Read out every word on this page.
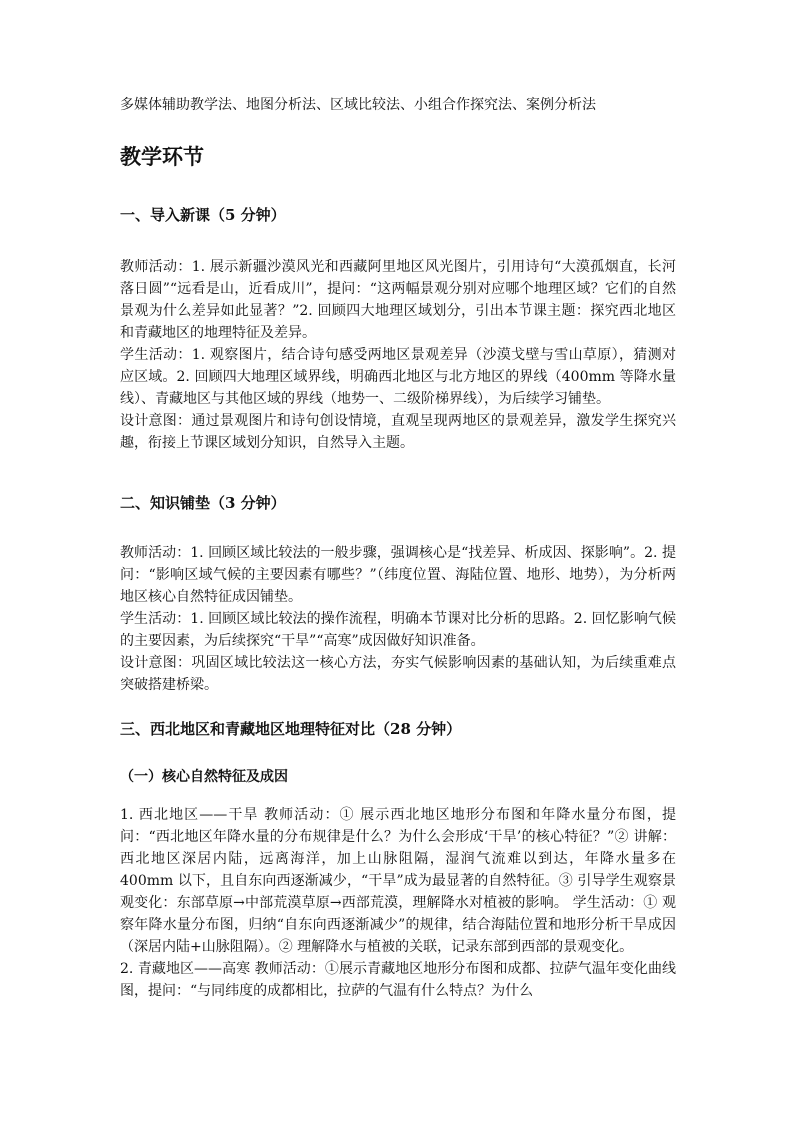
多媒体辅助教学法、地图分析法、区域比较法、小组合作探究法、案例分析法
教学环节
一、导入新课（5 分钟）

教师活动：1. 展示新疆沙漠风光和西藏阿里地区风光图片，引用诗句“大漠孤烟直，长河落日圆”“远看是山，近看成川”，提问：“这两幅景观分别对应哪个地理区域？它们的自然景观为什么差异如此显著？”2. 回顾四大地理区域划分，引出本节课主题：探究西北地区和青藏地区的地理特征及差异。

学生活动：1. 观察图片，结合诗句感受两地区景观差异（沙漠戈壁与雪山草原），猜测对应区域。2. 回顾四大地理区域界线，明确西北地区与北方地区的界线（400mm 等降水量线）、青藏地区与其他区域的界线（地势一、二级阶梯界线），为后续学习铺垫。

设计意图：通过景观图片和诗句创设情境，直观呈现两地区的景观差异，激发学生探究兴趣，衔接上节课区域划分知识，自然导入主题。

二、知识铺垫（3 分钟）

教师活动：1. 回顾区域比较法的一般步骤，强调核心是“找差异、析成因、探影响”。2. 提问：“影响区域气候的主要因素有哪些？”（纬度位置、海陆位置、地形、地势），为分析两地区核心自然特征成因铺垫。

学生活动：1. 回顾区域比较法的操作流程，明确本节课对比分析的思路。2. 回忆影响气候的主要因素，为后续探究“干旱”“高寒”成因做好知识准备。

设计意图：巩固区域比较法这一核心方法，夯实气候影响因素的基础认知，为后续重难点突破搭建桥梁。

三、西北地区和青藏地区地理特征对比（28 分钟）
（一）核心自然特征及成因

1. 西北地区——干旱 教师活动：① 展示西北地区地形分布图和年降水量分布图，提问：“西北地区年降水量的分布规律是什么？为什么会形成‘干旱’的核心特征？”② 讲解：西北地区深居内陆，远离海洋，加上山脉阻隔，湿润气流难以到达，年降水量多在 400mm 以下，且自东向西逐渐减少，“干旱”成为最显著的自然特征。③ 引导学生观察景观变化：东部草原→中部荒漠草原→西部荒漠，理解降水对植被的影响。 学生活动：① 观察年降水量分布图，归纳“自东向西逐渐减少”的规律，结合海陆位置和地形分析干旱成因（深居内陆+山脉阻隔）。② 理解降水与植被的关联，记录东部到西部的景观变化。

2. 青藏地区——高寒 教师活动：①展示青藏地区地形分布图和成都、拉萨气温年变化曲线图，提问：“与同纬度的成都相比，拉萨的气温有什么特点？为什么
